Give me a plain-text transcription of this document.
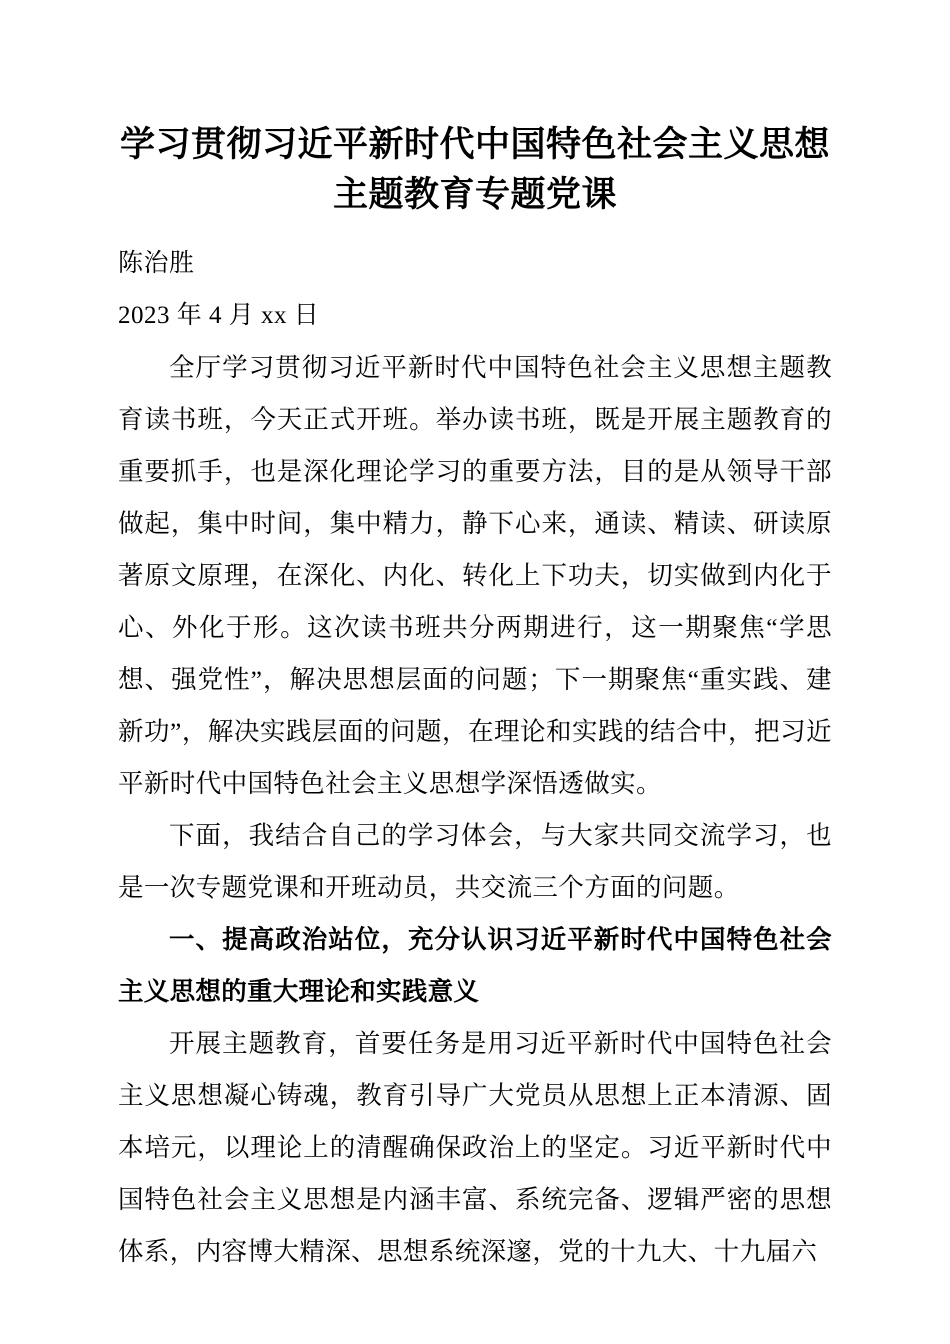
学习贯彻习近平新时代中国特色社会主义思想主题教育专题党课

陈治胜

2023 年 4 月 xx 日

全厅学习贯彻习近平新时代中国特色社会主义思想主题教育读书班，今天正式开班。举办读书班，既是开展主题教育的重要抓手，也是深化理论学习的重要方法，目的是从领导干部做起，集中时间，集中精力，静下心来，通读、精读、研读原著原文原理，在深化、内化、转化上下功夫，切实做到内化于心、外化于形。这次读书班共分两期进行，这一期聚焦“学思想、强党性”，解决思想层面的问题；下一期聚焦“重实践、建新功”，解决实践层面的问题，在理论和实践的结合中，把习近平新时代中国特色社会主义思想学深悟透做实。

下面，我结合自己的学习体会，与大家共同交流学习，也是一次专题党课和开班动员，共交流三个方面的问题。

一、提高政治站位，充分认识习近平新时代中国特色社会主义思想的重大理论和实践意义

开展主题教育，首要任务是用习近平新时代中国特色社会主义思想凝心铸魂，教育引导广大党员从思想上正本清源、固本培元，以理论上的清醒确保政治上的坚定。习近平新时代中国特色社会主义思想是内涵丰富、系统完备、逻辑严密的思想体系，内容博大精深、思想系统深邃，党的十九大、十九届六
